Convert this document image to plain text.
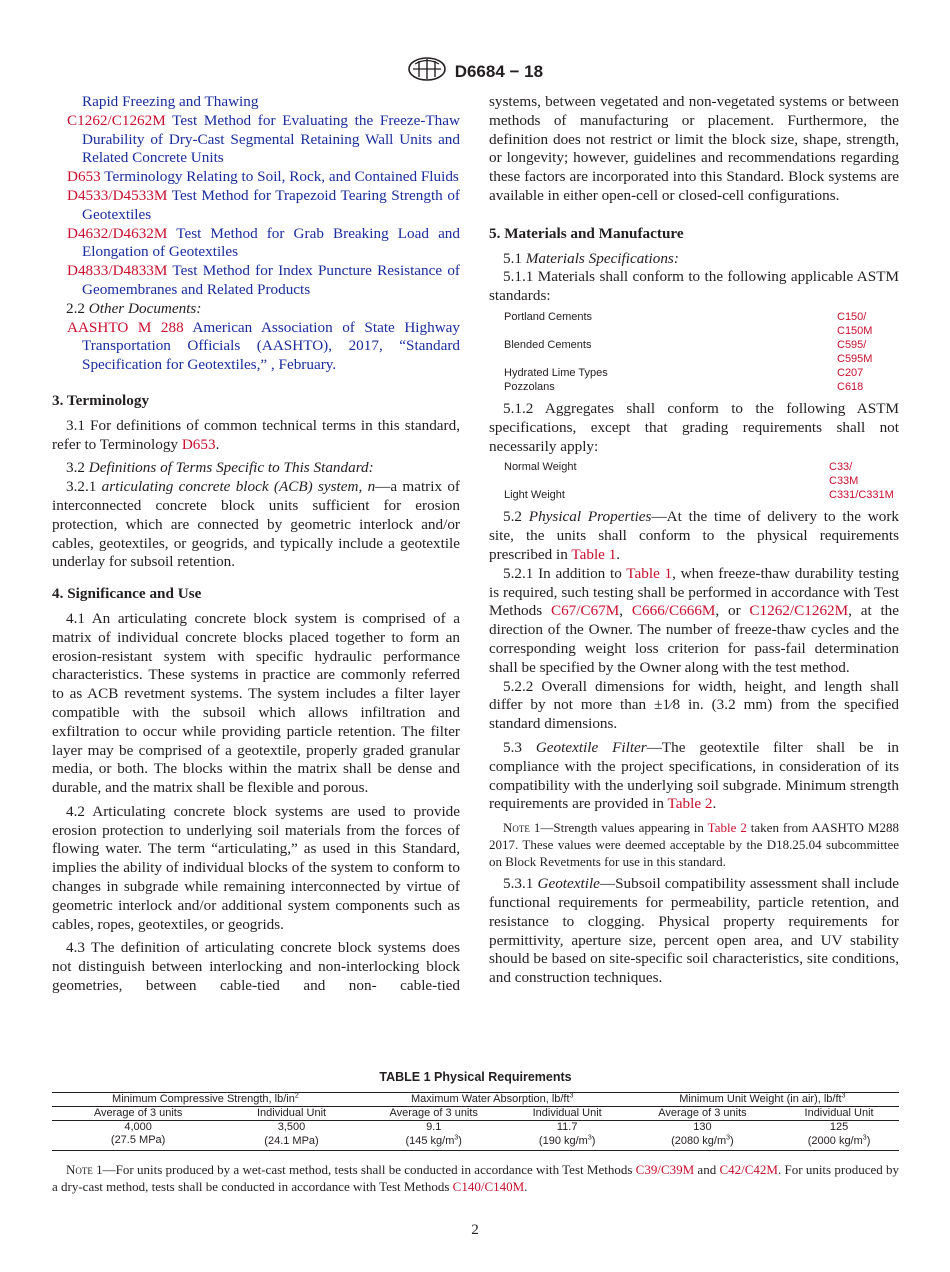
D6684 − 18

Rapid Freezing and Thawing

C1262/C1262M Test Method for Evaluating the Freeze-Thaw Durability of Dry-Cast Segmental Retaining Wall Units and Related Concrete Units

D653 Terminology Relating to Soil, Rock, and Contained Fluids

D4533/D4533M Test Method for Trapezoid Tearing Strength of Geotextiles

D4632/D4632M Test Method for Grab Breaking Load and Elongation of Geotextiles

D4833/D4833M Test Method for Index Puncture Resistance of Geomembranes and Related Products

2.2 Other Documents:

AASHTO M 288 American Association of State Highway Transportation Officials (AASHTO), 2017, “Standard Specification for Geotextiles,” , February.

3. Terminology

3.1 For definitions of common technical terms in this standard, refer to Terminology D653.

3.2 Definitions of Terms Specific to This Standard:

3.2.1 articulating concrete block (ACB) system, n—a matrix of interconnected concrete block units sufficient for erosion protection, which are connected by geometric interlock and/or cables, geotextiles, or geogrids, and typically include a geotextile underlay for subsoil retention.

4. Significance and Use

4.1 An articulating concrete block system is comprised of a matrix of individual concrete blocks placed together to form an erosion-resistant system with specific hydraulic performance characteristics. These systems in practice are commonly referred to as ACB revetment systems. The system includes a filter layer compatible with the subsoil which allows infiltration and exfiltration to occur while providing particle retention. The filter layer may be comprised of a geotextile, properly graded granular media, or both. The blocks within the matrix shall be dense and durable, and the matrix shall be flexible and porous.

4.2 Articulating concrete block systems are used to provide erosion protection to underlying soil materials from the forces of flowing water. The term “articulating,” as used in this Standard, implies the ability of individual blocks of the system to conform to changes in subgrade while remaining interconnected by virtue of geometric interlock and/or additional system components such as cables, ropes, geotextiles, or geogrids.

4.3 The definition of articulating concrete block systems does not distinguish between interlocking and non-interlocking block geometries, between cable-tied and non- cable-tied

systems, between vegetated and non-vegetated systems or between methods of manufacturing or placement. Furthermore, the definition does not restrict or limit the block size, shape, strength, or longevity; however, guidelines and recommendations regarding these factors are incorporated into this Standard. Block systems are available in either open-cell or closed-cell configurations.

5. Materials and Manufacture

5.1 Materials Specifications:

5.1.1 Materials shall conform to the following applicable ASTM standards:

Portland Cements	C150/
C150M
Blended Cements	C595/
C595M
Hydrated Lime Types	C207
Pozzolans	C618

5.1.2 Aggregates shall conform to the following ASTM specifications, except that grading requirements shall not necessarily apply:

Normal Weight	C33/
C33M
Light Weight	C331/C331M

5.2 Physical Properties—At the time of delivery to the work site, the units shall conform to the physical requirements prescribed in Table 1.

5.2.1 In addition to Table 1, when freeze-thaw durability testing is required, such testing shall be performed in accordance with Test Methods C67/C67M, C666/C666M, or C1262/C1262M, at the direction of the Owner. The number of freeze-thaw cycles and the corresponding weight loss criterion for pass-fail determination shall be specified by the Owner along with the test method.

5.2.2 Overall dimensions for width, height, and length shall differ by not more than ±1⁄8 in. (3.2 mm) from the specified standard dimensions.

5.3 Geotextile Filter—The geotextile filter shall be in compliance with the project specifications, in consideration of its compatibility with the underlying soil subgrade. Minimum strength requirements are provided in Table 2.

Note 1—Strength values appearing in Table 2 taken from AASHTO M288 2017. These values were deemed acceptable by the D18.25.04 subcommittee on Block Revetments for use in this standard.

5.3.1 Geotextile—Subsoil compatibility assessment shall include functional requirements for permeability, particle retention, and resistance to clogging. Physical property requirements for permittivity, aperture size, percent open area, and UV stability should be based on site-specific soil characteristics, site conditions, and construction techniques.

TABLE 1 Physical Requirements
Minimum Compressive Strength, $lb/in^2$		Maximum Water Absorption, $lb/ft^3$		Minimum Unit Weight (in air), $lb/ft^3$
Average of 3 units	Individual Unit	Average of 3 units	Individual Unit	Average of 3 units	Individual Unit
4,000	3,500	9.1	11.7	130	125
(27.5 MPa)	(24.1 MPa)	(145 $kg/m^3$)	(190 $kg/m^3$)	(2080 $kg/m^3$)	(2000 $kg/m^3$)
Note 1—For units produced by a wet-cast method, tests shall be conducted in accordance with Test Methods C39/C39M and C42/C42M. For units produced by a dry-cast method, tests shall be conducted in accordance with Test Methods C140/C140M.
2
